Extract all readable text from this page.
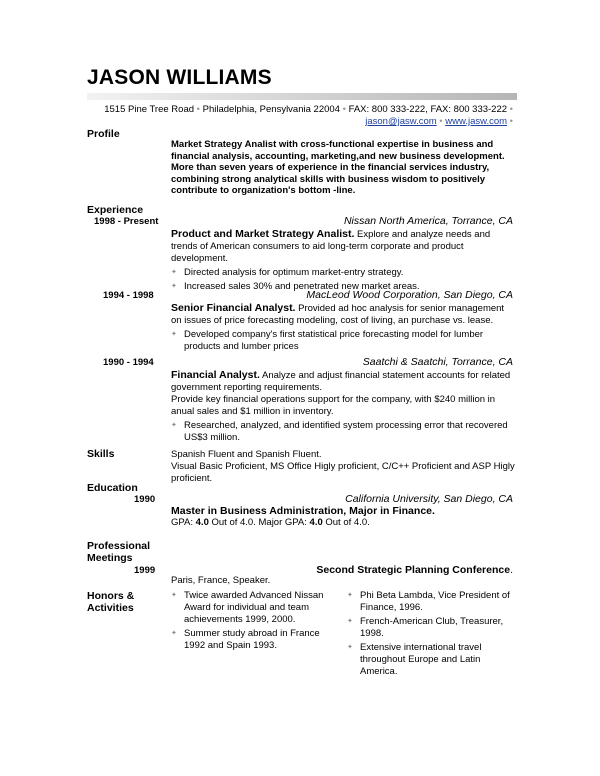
JASON WILLIAMS
1515 Pine Tree Road • Philadelphia, Pensylvania 22004 • FAX: 800 333-222, FAX: 800 333-222 •
jason@jasw.com • www.jasw.com •
Profile
Market Strategy Analist with cross-functional expertise in business and financial analysis, accounting, marketing,and new business development. More than seven years of experience in the financial services industry, combining strong analytical skills with business wisdom to positively contribute to organization's bottom -line.
Experience
1998 - Present	Nissan North America, Torrance, CA
Product and Market Strategy Analist. Explore and analyze needs and trends of American consumers to aid long-term corporate and product development.
✦ Directed analysis for optimum market-entry strategy.
✦ Increased sales 30% and penetrated new market areas.
1994 - 1998	MacLeod Wood Corporation, San Diego, CA
Senior Financial Analyst. Provided ad hoc analysis for senior management on issues of price forecasting modeling, cost of living, an purchase vs. lease.
✦ Developed company's first statistical price forecasting model for lumber products and lumber prices
1990 - 1994	Saatchi & Saatchi, Torrance, CA
Financial Analyst. Analyze and adjust financial statement accounts for related government reporting requirements.
Provide key financial operations support for the company, with $240 million in anual sales and $1 million in inventory.
✦ Researched, analyzed, and identified system processing error that recovered US$3 million.
Skills	Spanish Fluent and Spanish Fluent.
Visual Basic Proficient, MS Office Higly proficient, C/C++ Proficient and ASP Higly proficient.
Education
1990	California University, San Diego, CA
Master in Business Administration, Major in Finance.
GPA: 4.0 Out of 4.0. Major GPA: 4.0 Out of 4.0.
Professional
Meetings
1999	Second Strategic Planning Conference.
Paris, France, Speaker.
Honors &
Activities
✦ Twice awarded Advanced Nissan Award for individual and team achievements 1999, 2000.
✦ Summer study abroad in France 1992 and Spain 1993.
✦ Phi Beta Lambda, Vice President of Finance, 1996.
✦ French-American Club, Treasurer, 1998.
✦ Extensive international travel throughout Europe and Latin America.
